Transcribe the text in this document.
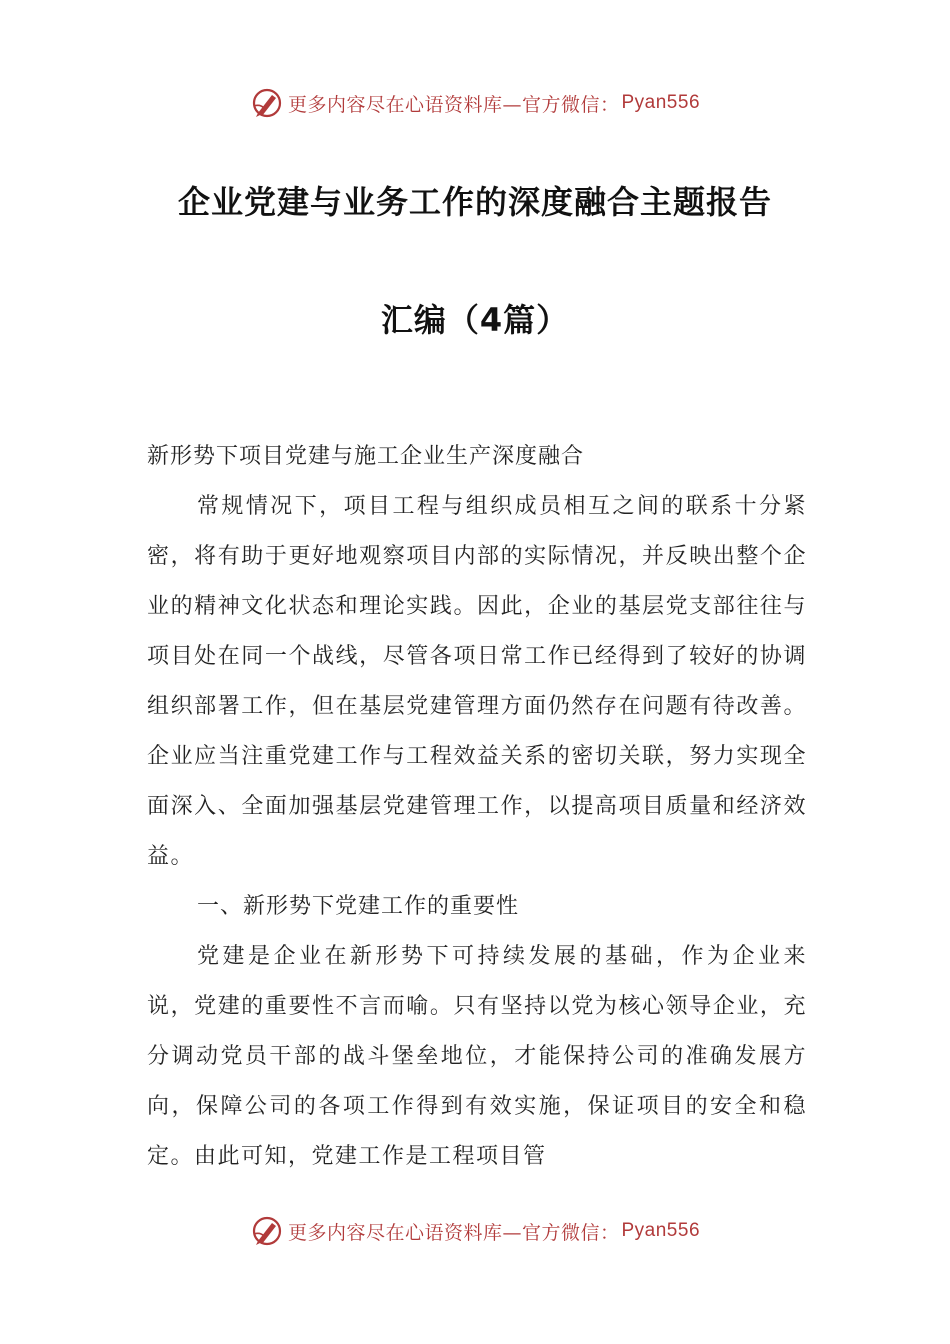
更多内容尽在心语资料库—官方微信： Pyan556
企业党建与业务工作的深度融合主题报告
汇编（4篇）

新形势下项目党建与施工企业生产深度融合

常规情况下，项目工程与组织成员相互之间的联系十分紧密，将有助于更好地观察项目内部的实际情况，并反映出整个企业的精神文化状态和理论实践。因此，企业的基层党支部往往与项目处在同一个战线，尽管各项日常工作已经得到了较好的协调组织部署工作，但在基层党建管理方面仍然存在问题有待改善。企业应当注重党建工作与工程效益关系的密切关联，努力实现全面深入、全面加强基层党建管理工作，以提高项目质量和经济效益。

一、新形势下党建工作的重要性

党建是企业在新形势下可持续发展的基础，作为企业来说，党建的重要性不言而喻。只有坚持以党为核心领导企业，充分调动党员干部的战斗堡垒地位，才能保持公司的准确发展方向，保障公司的各项工作得到有效实施，保证项目的安全和稳定。由此可知，党建工作是工程项目管

更多内容尽在心语资料库—官方微信： Pyan556
